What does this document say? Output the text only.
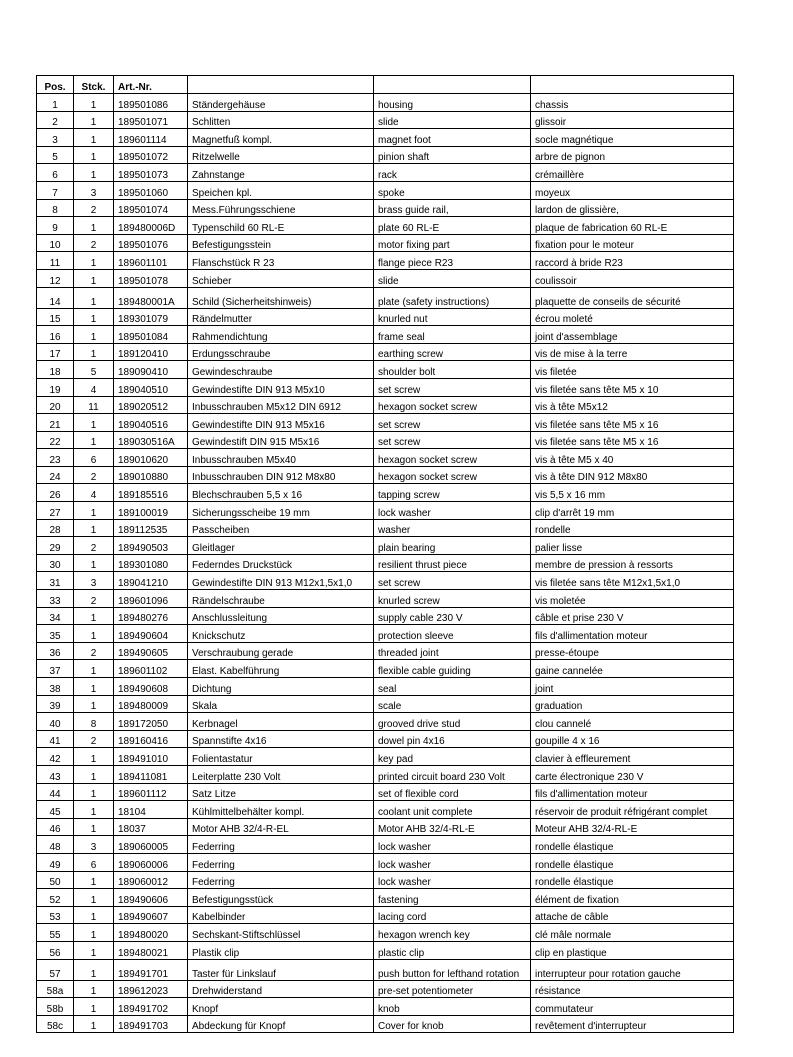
Pos.	Stck.	Art.-Nr.			
1	1	189501086	Ständergehäuse	housing	chassis
2	1	189501071	Schlitten	slide	glissoir
3	1	189601114	Magnetfuß kompl.	magnet foot	socle magnétique
5	1	189501072	Ritzelwelle	pinion shaft	arbre de pignon
6	1	189501073	Zahnstange	rack	crémaillère
7	3	189501060	Speichen kpl.	spoke	moyeux
8	2	189501074	Mess.Führungsschiene	brass guide rail,	lardon de glissière,
9	1	189480006D	Typenschild 60 RL-E	plate 60 RL-E	plaque de fabrication 60 RL-E
10	2	189501076	Befestigungsstein	motor fixing part	fixation pour le moteur
11	1	189601101	Flanschstück R 23	flange piece R23	raccord à bride R23
12	1	189501078	Schieber	slide	coulissoir
14	1	189480001A	Schild (Sicherheitshinweis)	plate (safety instructions)	plaquette de conseils de sécurité
15	1	189301079	Rändelmutter	knurled nut	écrou moleté
16	1	189501084	Rahmendichtung	frame seal	joint d'assemblage
17	1	189120410	Erdungsschraube	earthing screw	vis de mise à la terre
18	5	189090410	Gewindeschraube	shoulder bolt	vis filetée
19	4	189040510	Gewindestifte DIN 913 M5x10	set screw	vis filetée sans tête M5 x 10
20	11	189020512	Inbusschrauben M5x12 DIN 6912	hexagon socket screw	vis à tête M5x12
21	1	189040516	Gewindestifte DIN 913 M5x16	set screw	vis filetée sans tête M5 x 16
22	1	189030516A	Gewindestift DIN 915 M5x16	set screw	vis filetée sans tête M5 x 16
23	6	189010620	Inbusschrauben M5x40	hexagon socket screw	vis à tête M5 x 40
24	2	189010880	Inbusschrauben DIN 912 M8x80	hexagon socket screw	vis à tête DIN 912 M8x80
26	4	189185516	Blechschrauben 5,5 x 16	tapping screw	vis 5,5 x 16 mm
27	1	189100019	Sicherungsscheibe 19 mm	lock washer	clip d'arrêt 19 mm
28	1	189112535	Passcheiben	washer	rondelle
29	2	189490503	Gleitlager	plain bearing	palier lisse
30	1	189301080	Federndes Druckstück	resilient thrust piece	membre de pression à ressorts
31	3	189041210	Gewindestifte DIN 913 M12x1,5x1,0	set screw	vis filetée sans tête M12x1,5x1,0
33	2	189601096	Rändelschraube	knurled screw	vis moletée
34	1	189480276	Anschlussleitung	supply cable 230 V	câble et prise 230 V
35	1	189490604	Knickschutz	protection sleeve	fils d'allimentation moteur
36	2	189490605	Verschraubung gerade	threaded joint	presse-étoupe
37	1	189601102	Elast. Kabelführung	flexible cable guiding	gaine cannelée
38	1	189490608	Dichtung	seal	joint
39	1	189480009	Skala	scale	graduation
40	8	189172050	Kerbnagel	grooved drive stud	clou cannelé
41	2	189160416	Spannstifte 4x16	dowel pin 4x16	goupille 4 x 16
42	1	189491010	Folientastatur	key pad	clavier à effleurement
43	1	189411081	Leiterplatte 230 Volt	printed circuit board 230 Volt	carte électronique 230 V
44	1	189601112	Satz Litze	set of flexible cord	fils d'allimentation moteur
45	1	18104	Kühlmittelbehälter kompl.	coolant unit complete	réservoir de produit réfrigérant complet
46	1	18037	Motor AHB 32/4-R-EL	Motor AHB 32/4-RL-E	Moteur AHB 32/4-RL-E
48	3	189060005	Federring	lock washer	rondelle élastique
49	6	189060006	Federring	lock washer	rondelle élastique
50	1	189060012	Federring	lock washer	rondelle élastique
52	1	189490606	Befestigungsstück	fastening	élément de fixation
53	1	189490607	Kabelbinder	lacing cord	attache de câble
55	1	189480020	Sechskant-Stiftschlüssel	hexagon wrench key	clé mâle normale
56	1	189480021	Plastik clip	plastic clip	clip en plastique
57	1	189491701	Taster für Linkslauf	push button for lefthand rotation	interrupteur pour rotation gauche
58a	1	189612023	Drehwiderstand	pre-set potentiometer	résistance
58b	1	189491702	Knopf	knob	commutateur
58c	1	189491703	Abdeckung für Knopf	Cover for knob	revêtement d'interrupteur
